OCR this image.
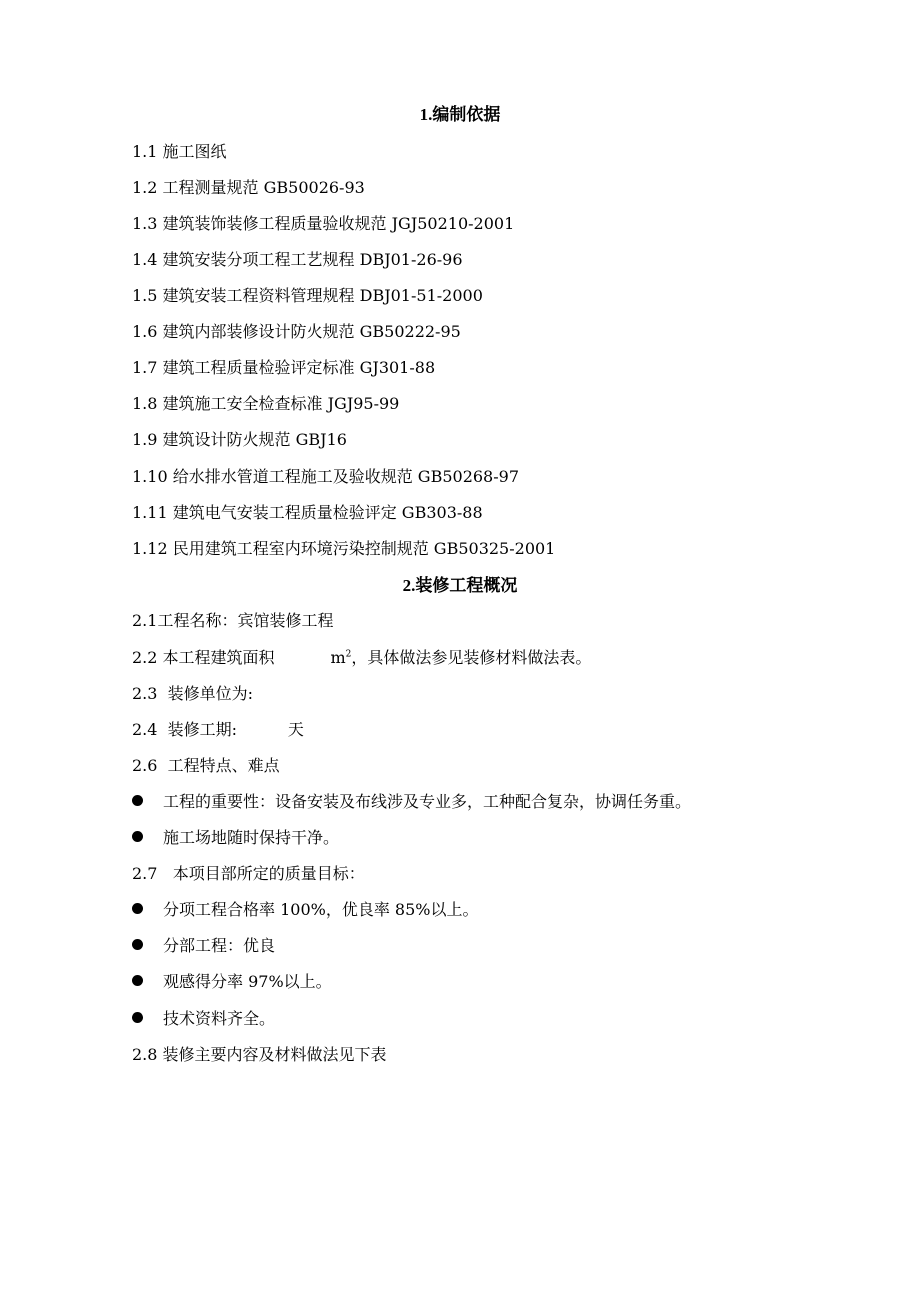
1.编制依据
1.1 施工图纸
1.2 工程测量规范 GB50026-93
1.3 建筑装饰装修工程质量验收规范 JGJ50210-2001
1.4 建筑安装分项工程工艺规程 DBJ01-26-96
1.5 建筑安装工程资料管理规程 DBJ01-51-2000
1.6 建筑内部装修设计防火规范 GB50222-95
1.7 建筑工程质量检验评定标准 GJ301-88
1.8 建筑施工安全检查标准 JGJ95-99
1.9 建筑设计防火规范 GBJ16
1.10 给水排水管道工程施工及验收规范 GB50268-97
1.11 建筑电气安装工程质量检验评定 GB303-88
1.12 民用建筑工程室内环境污染控制规范 GB50325-2001
2.装修工程概况
2.1工程名称：宾馆装修工程
2.2 本工程建筑面积           $m^2$，具体做法参见装修材料做法表。
2.3  装修单位为:
2.4  装修工期:          天
2.6  工程特点、难点
工程的重要性：设备安装及布线涉及专业多，工种配合复杂，协调任务重。
施工场地随时保持干净。
2.7   本项目部所定的质量目标：
分项工程合格率 100%，优良率 85%以上。
分部工程：优良
观感得分率 97%以上。
技术资料齐全。
2.8 装修主要内容及材料做法见下表
